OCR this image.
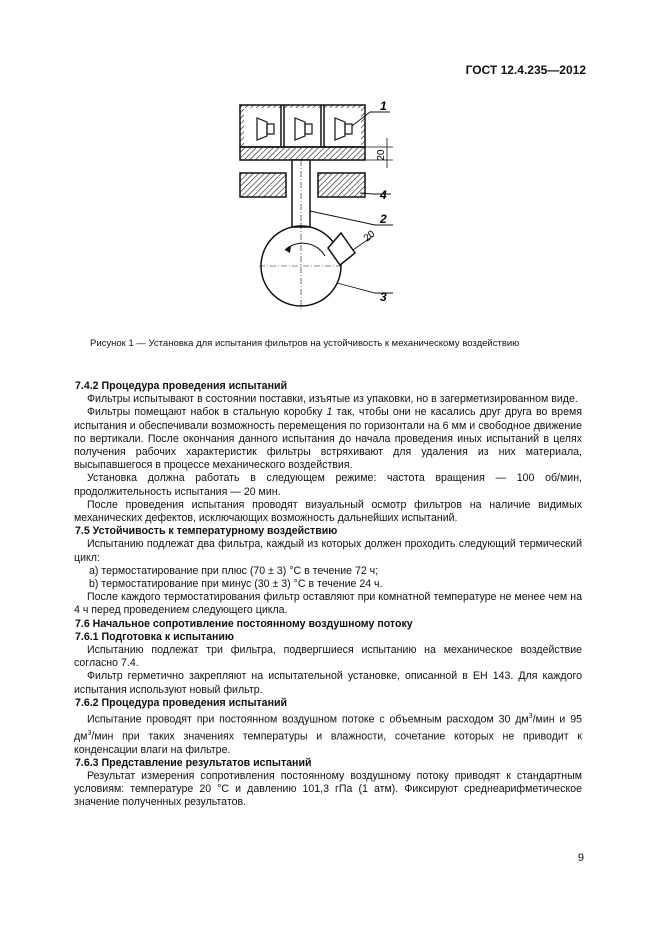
ГОСТ 12.4.235—2012
20
20
1
2
3
4
Рисунок 1 — Установка для испытания фильтров на устойчивость к механическому воздействию

7.4.2 Процедура проведения испытаний

Фильтры испытывают в состоянии поставки, изъятые из упаковки, но в загерметизированном виде.

Фильтры помещают набок в стальную коробку 1 так, чтобы они не касались друг друга во время испытания и обеспечивали возможность перемещения по горизонтали на 6 мм и свободное движение по вертикали. После окончания данного испытания до начала проведения иных испытаний в целях получения рабочих характеристик фильтры встряхивают для удаления из них материала, высыпавшегося в процессе механического воздействия.

Установка должна работать в следующем режиме: частота вращения — 100 об/мин, продолжительность испытания — 20 мин.

После проведения испытания проводят визуальный осмотр фильтров на наличие видимых механических дефектов, исключающих возможность дальнейших испытаний.

7.5 Устойчивость к температурному воздействию

Испытанию подлежат два фильтра, каждый из которых должен проходить следующий термический цикл:

a) термостатирование при плюс (70 ± 3) °С в течение 72 ч;

b) термостатирование при минус (30 ± 3) °С в течение 24 ч.

После каждого термостатирования фильтр оставляют при комнатной температуре не менее чем на 4 ч перед проведением следующего цикла.

7.6 Начальное сопротивление постоянному воздушному потоку

7.6.1 Подготовка к испытанию

Испытанию подлежат три фильтра, подвергшиеся испытанию на механическое воздействие согласно 7.4.

Фильтр герметично закрепляют на испытательной установке, описанной в ЕН 143. Для каждого испытания используют новый фильтр.

7.6.2 Процедура проведения испытаний

Испытание проводят при постоянном воздушном потоке с объемным расходом 30 $дм^3$/мин и 95 $дм^3$/мин при таких значениях температуры и влажности, сочетание которых не приводит к конденсации влаги на фильтре.

7.6.3 Представление результатов испытаний

Результат измерения сопротивления постоянному воздушному потоку приводят к стандартным условиям: температуре 20 °С и давлению 101,3 гПа (1 атм). Фиксируют среднеарифметическое значение полученных результатов.

9
